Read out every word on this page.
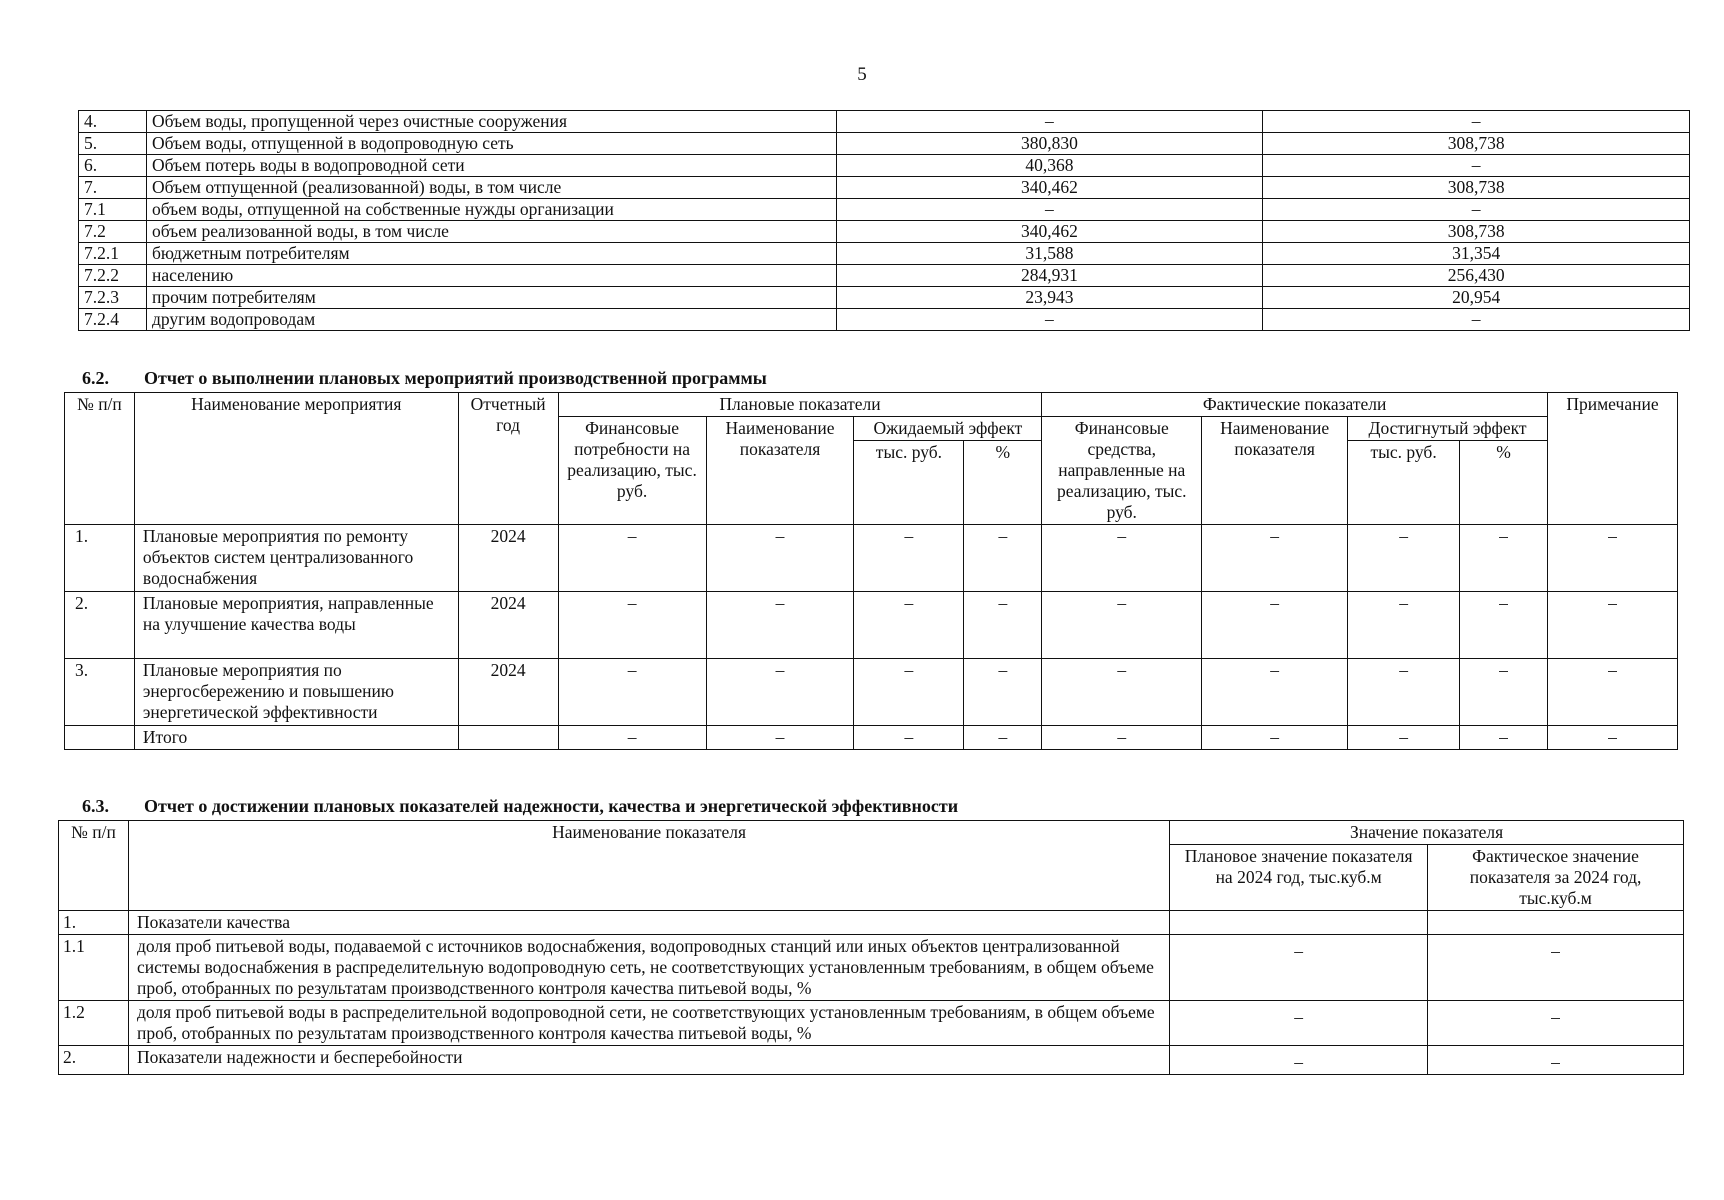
5
4.	Объем воды, пропущенной через очистные сооружения	–	–
5.	Объем воды, отпущенной в водопроводную сеть	380,830	308,738
6.	Объем потерь воды в водопроводной сети	40,368	–
7.	Объем отпущенной (реализованной) воды, в том числе	340,462	308,738
7.1	объем воды, отпущенной на собственные нужды организации	–	–
7.2	объем реализованной воды, в том числе	340,462	308,738
7.2.1	бюджетным потребителям	31,588	31,354
7.2.2	населению	284,931	256,430
7.2.3	прочим потребителям	23,943	20,954
7.2.4	другим водопроводам	–	–
6.2. Отчет о выполнении плановых мероприятий производственной программы
№ п/п	Наименование мероприятия	Отчетный год	Плановые показатели				Фактические показатели				Примечание
			Финансовые потребности на реализацию, тыс. руб.	Наименование показателя	Ожидаемый эффект		Финансовые средства, направленные на реализацию, тыс. руб.	Наименование показателя	Достигнутый эффект		
					тыс. руб.	%			тыс. руб.	%	
1.	Плановые мероприятия по ремонту объектов систем централизованного водоснабжения	2024	–	–	–	–	–	–	–	–	–
2.	Плановые мероприятия, направленные на улучшение качества воды	2024	–	–	–	–	–	–	–	–	–
3.	Плановые мероприятия по энергосбережению и повышению энергетической эффективности	2024	–	–	–	–	–	–	–	–	–
	Итого		–	–	–	–	–	–	–	–	–
6.3. Отчет о достижении плановых показателей надежности, качества и энергетической эффективности
№ п/п	Наименование показателя	Значение показателя	
		Плановое значение показателя на 2024 год, тыс.куб.м	Фактическое значение показателя за 2024 год, тыс.куб.м
1.	Показатели качества		
1.1	доля проб питьевой воды, подаваемой с источников водоснабжения, водопроводных станций или иных объектов централизованной системы водоснабжения в распределительную водопроводную сеть, не соответствующих установленным требованиям, в общем объеме проб, отобранных по результатам производственного контроля качества питьевой воды, %	–	–
1.2	доля проб питьевой воды в распределительной водопроводной сети, не соответствующих установленным требованиям, в общем объеме проб, отобранных по результатам производственного контроля качества питьевой воды, %	–	–
2.	Показатели надежности и бесперебойности	–	–
